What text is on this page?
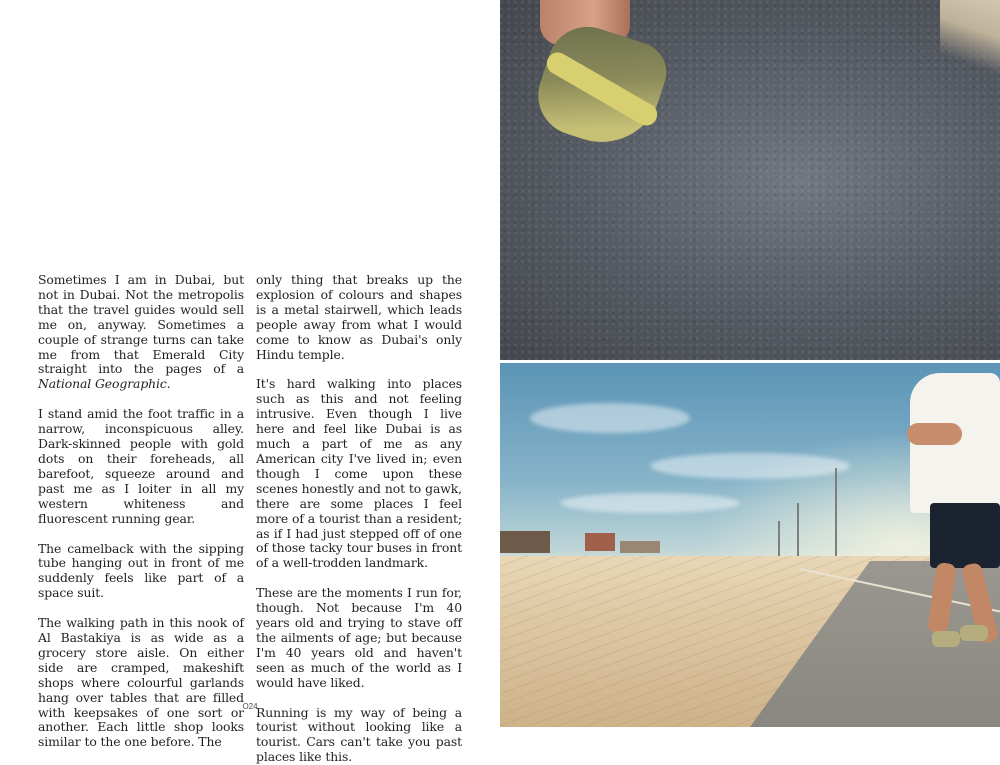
Sometimes I am in Dubai, but not in Dubai. Not the metropolis that the travel guides would sell me on, anyway. Sometimes a couple of strange turns can take me from that Emerald City straight into the pages of a National Geographic.

I stand amid the foot traffic in a narrow, inconspicuous alley. Dark-skinned people with gold dots on their foreheads, all barefoot, squeeze around and past me as I loiter in all my western whiteness and fluorescent running gear.

The camelback with the sipping tube hanging out in front of me suddenly feels like part of a space suit.

The walking path in this nook of Al Bastakiya is as wide as a grocery store aisle. On either side are cramped, makeshift shops where colourful garlands hang over tables that are filled with keepsakes of one sort or another. Each little shop looks similar to the one before. The

only thing that breaks up the explosion of colours and shapes is a metal stairwell, which leads people away from what I would come to know as Dubai's only Hindu temple.

It's hard walking into places such as this and not feeling intrusive. Even though I live here and feel like Dubai is as much a part of me as any American city I've lived in; even though I come upon these scenes honestly and not to gawk, there are some places I feel more of a tourist than a resident; as if I had just stepped off of one of those tacky tour buses in front of a well-trodden landmark.

These are the moments I run for, though. Not because I'm 40 years old and trying to stave off the ailments of age; but because I'm 40 years old and haven't seen as much of the world as I would have liked.

Running is my way of being a tourist without looking like a tourist. Cars can't take you past places like this.

O24
